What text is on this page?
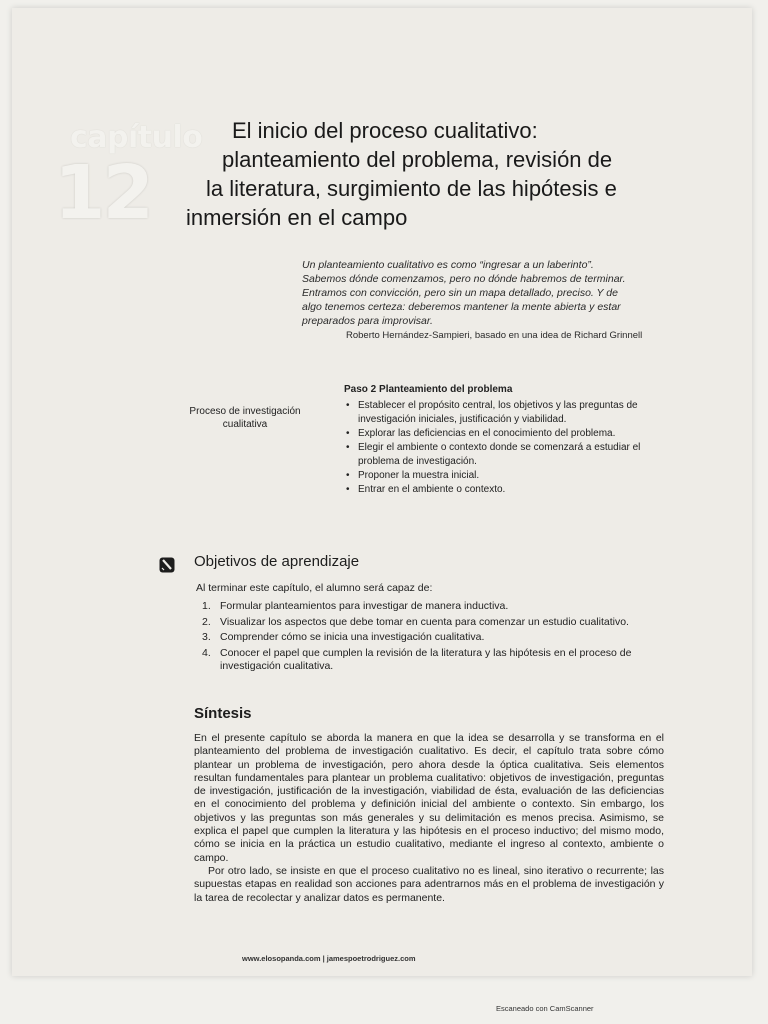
capítulo
12
El inicio del proceso cualitativo:
planteamiento del problema, revisión de
la literatura, surgimiento de las hipótesis e
inmersión en el campo
Un planteamiento cualitativo es como “ingresar a un laberinto”.
Sabemos dónde comenzamos, pero no dónde habremos de terminar.
Entramos con convicción, pero sin un mapa detallado, preciso. Y de
algo tenemos certeza: deberemos mantener la mente abierta y estar
preparados para improvisar.
Roberto Hernández-Sampieri, basado en una idea de Richard Grinnell
Proceso de investigación cualitativa
Paso 2 Planteamiento del problema
• Establecer el propósito central, los objetivos y las preguntas de investigación iniciales, justificación y viabilidad.
• Explorar las deficiencias en el conocimiento del problema.
• Elegir el ambiente o contexto donde se comenzará a estudiar el problema de investigación.
• Proponer la muestra inicial.
• Entrar en el ambiente o contexto.
Objetivos de aprendizaje
Al terminar este capítulo, el alumno será capaz de:
1. Formular planteamientos para investigar de manera inductiva.
2. Visualizar los aspectos que debe tomar en cuenta para comenzar un estudio cualitativo.
3. Comprender cómo se inicia una investigación cualitativa.
4. Conocer el papel que cumplen la revisión de la literatura y las hipótesis en el proceso de investigación cualitativa.
Síntesis

En el presente capítulo se aborda la manera en que la idea se desarrolla y se transforma en el planteamiento del problema de investigación cualitativo. Es decir, el capítulo trata sobre cómo plantear un problema de investigación, pero ahora desde la óptica cualitativa. Seis elementos resultan fundamentales para plantear un problema cualitativo: objetivos de investigación, preguntas de investigación, justificación de la investigación, viabilidad de ésta, evaluación de las deficiencias en el conocimiento del problema y definición inicial del ambiente o contexto. Sin embargo, los objetivos y las preguntas son más generales y su delimitación es menos precisa. Asimismo, se explica el papel que cumplen la literatura y las hipótesis en el proceso inductivo; del mismo modo, cómo se inicia en la práctica un estudio cualitativo, mediante el ingreso al contexto, ambiente o campo.

Por otro lado, se insiste en que el proceso cualitativo no es lineal, sino iterativo o recurrente; las supuestas etapas en realidad son acciones para adentrarnos más en el problema de investigación y la tarea de recolectar y analizar datos es permanente.

www.elosopanda.com | jamespoetrodriguez.com
Escaneado con CamScanner
